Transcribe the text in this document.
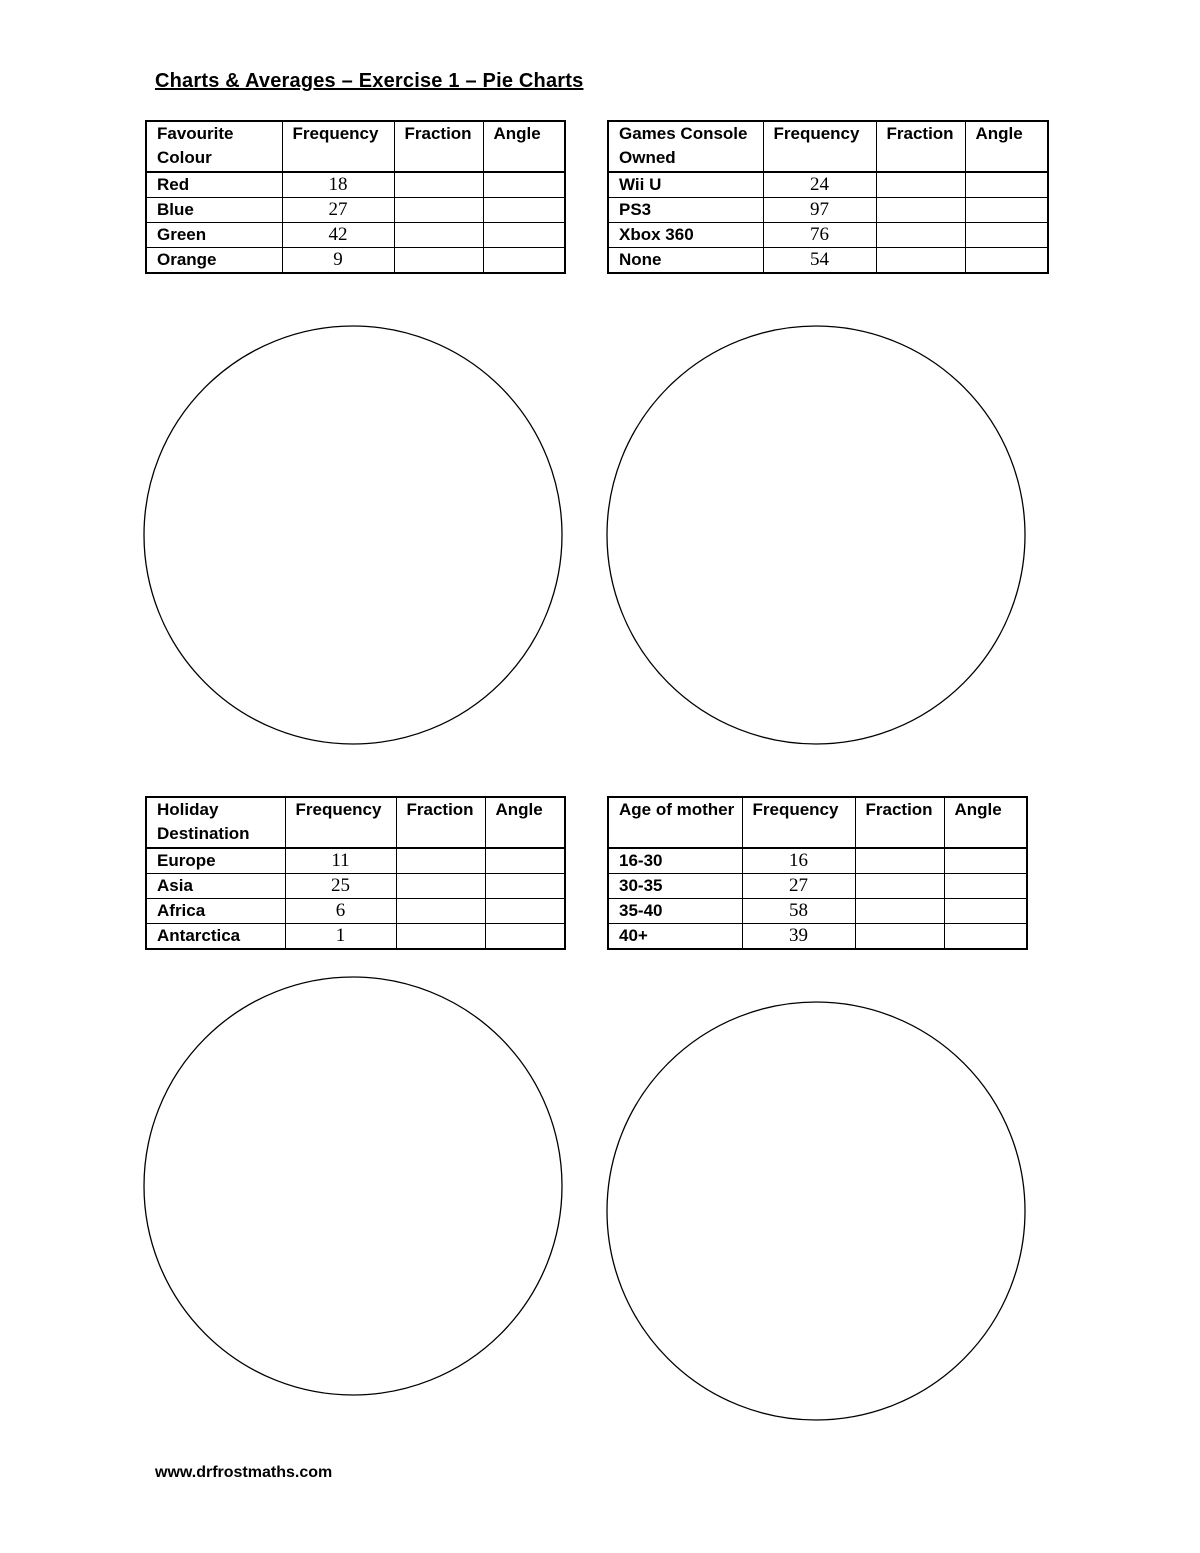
Charts & Averages – Exercise 1 – Pie Charts
Favourite Colour	Frequency	Fraction	Angle
Red	18		
Blue	27		
Green	42		
Orange	9		
Games Console Owned	Frequency	Fraction	Angle
Wii U	24		
PS3	97		
Xbox 360	76		
None	54		
Holiday Destination	Frequency	Fraction	Angle
Europe	11		
Asia	25		
Africa	6		
Antarctica	1		
Age of mother	Frequency	Fraction	Angle
16-30	16		
30-35	27		
35-40	58		
40+	39		
www.drfrostmaths.com
